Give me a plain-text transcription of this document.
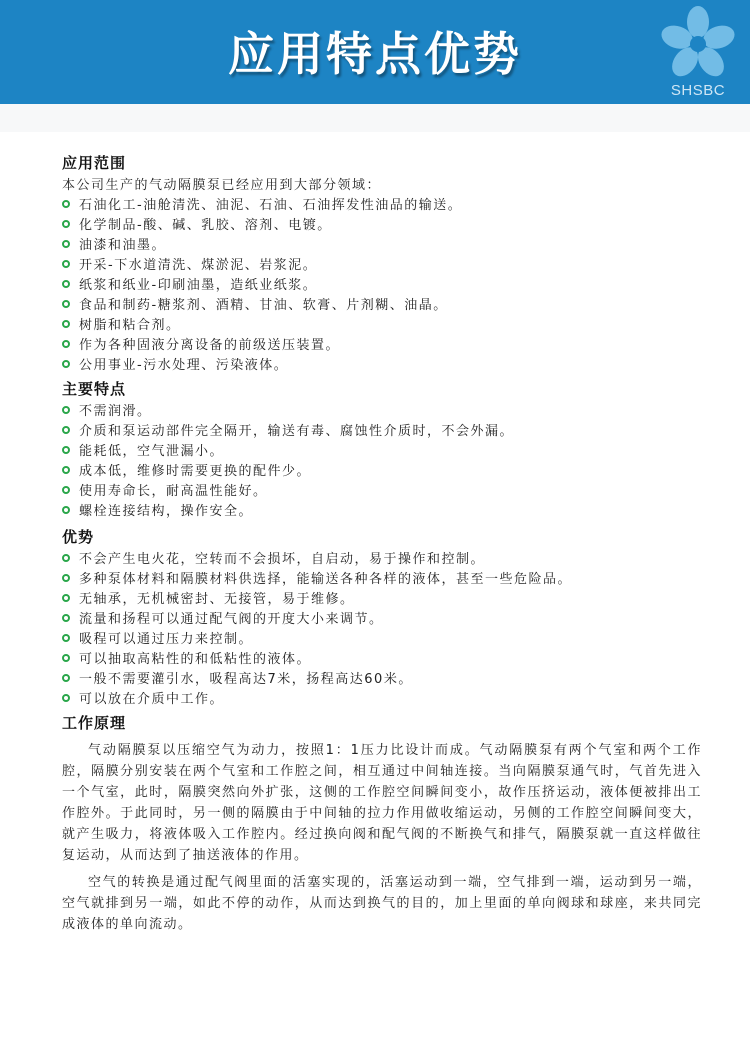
应用特点优势
SHSBC
应用范围
本公司生产的气动隔膜泵已经应用到大部分领域：
石油化工-油舱清洗、油泥、石油、石油挥发性油品的输送。
化学制品-酸、碱、乳胶、溶剂、电镀。
油漆和油墨。
开采-下水道清洗、煤淤泥、岩浆泥。
纸浆和纸业-印刷油墨，造纸业纸浆。
食品和制药-糖浆剂、酒精、甘油、软膏、片剂糊、油晶。
树脂和粘合剂。
作为各种固液分离设备的前级送压装置。
公用事业-污水处理、污染液体。
主要特点
不需润滑。
介质和泵运动部件完全隔开，输送有毒、腐蚀性介质时，不会外漏。
能耗低，空气泄漏小。
成本低，维修时需要更换的配件少。
使用寿命长，耐高温性能好。
螺栓连接结构，操作安全。
优势
不会产生电火花，空转而不会损坏，自启动，易于操作和控制。
多种泵体材料和隔膜材料供选择，能输送各种各样的液体，甚至一些危险品。
无轴承，无机械密封、无接管，易于维修。
流量和扬程可以通过配气阀的开度大小来调节。
吸程可以通过压力来控制。
可以抽取高粘性的和低粘性的液体。
一般不需要灌引水，吸程高达7米，扬程高达60米。
可以放在介质中工作。
工作原理
气动隔膜泵以压缩空气为动力，按照1：1压力比设计而成。气动隔膜泵有两个气室和两个工作腔，隔膜分别安装在两个气室和工作腔之间，相互通过中间轴连接。当向隔膜泵通气时，气首先进入一个气室，此时，隔膜突然向外扩张，这侧的工作腔空间瞬间变小，故作压挤运动，液体便被排出工作腔外。于此同时，另一侧的隔膜由于中间轴的拉力作用做收缩运动，另侧的工作腔空间瞬间变大，就产生吸力，将液体吸入工作腔内。经过换向阀和配气阀的不断换气和排气，隔膜泵就一直这样做往复运动，从而达到了抽送液体的作用。
空气的转换是通过配气阀里面的活塞实现的，活塞运动到一端，空气排到一端，运动到另一端，空气就排到另一端，如此不停的动作，从而达到换气的目的，加上里面的单向阀球和球座，来共同完成液体的单向流动。
